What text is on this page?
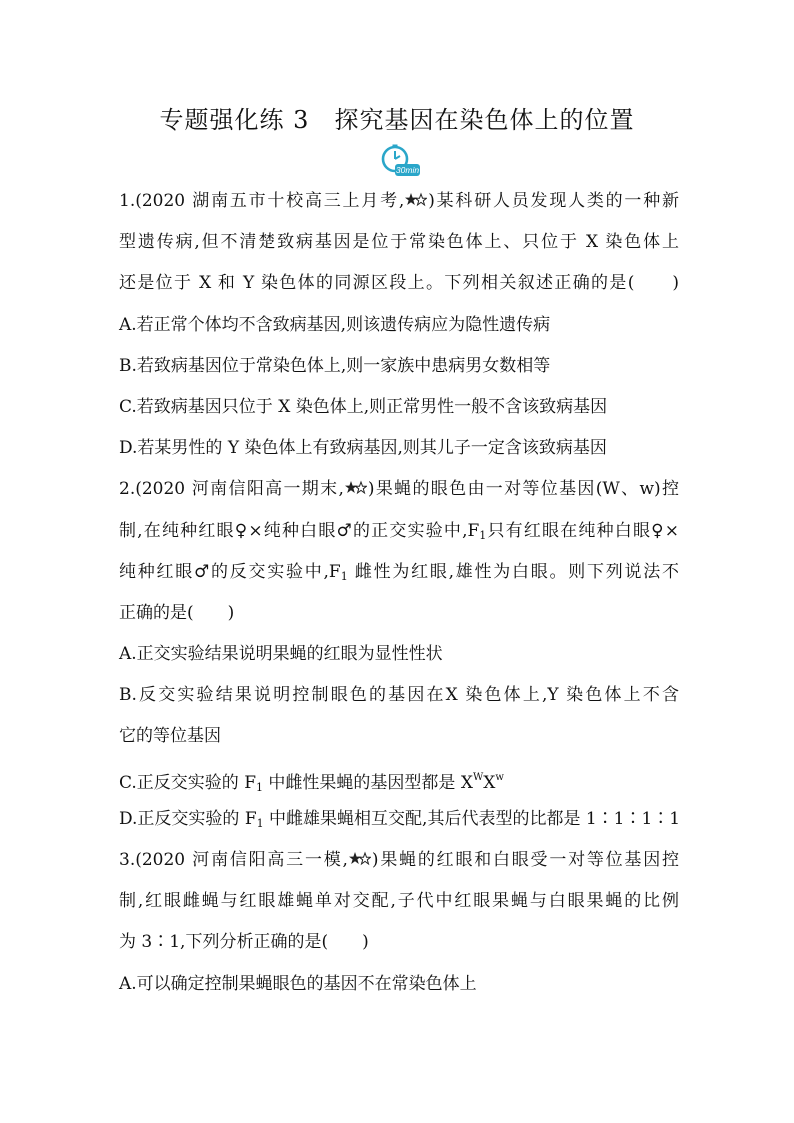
专题强化练 3　探究基因在染色体上的位置
30min
1.(2020 湖南五市十校高三上月考, )某科研人员发现人类的一种新
型遗传病,但不清楚致病基因是位于常染色体上、只位于 X 染色体上
还是位于 X 和 Y 染色体的同源区段上。下列相关叙述正确的是(　　)
A.若正常个体均不含致病基因,则该遗传病应为隐性遗传病
B.若致病基因位于常染色体上,则一家族中患病男女数相等
C.若致病基因只位于 X 染色体上,则正常男性一般不含该致病基因
D.若某男性的 Y 染色体上有致病基因,则其儿子一定含该致病基因
2.(2020 河南信阳高一期末, )果蝇的眼色由一对等位基因(W、w)控
制,在纯种红眼♀×纯种白眼♂的正交实验中$,F_1$只有红眼在纯种白眼♀×
纯种红眼♂的反交实验中$,F_1$ 雌性为红眼,雄性为白眼。则下列说法不
正确的是(　　)
A.正交实验结果说明果蝇的红眼为显性性状
B.反交实验结果说明控制眼色的基因在X 染色体上,Y 染色体上不含
它的等位基因
C.正反交实验的 $F_1$ 中雌性果蝇的基因型都是 $X^WX^w$
D.正反交实验的 $F_1$ 中雌雄果蝇相互交配,其后代表型的比都是 1∶1∶1∶1
3.(2020 河南信阳高三一模, )果蝇的红眼和白眼受一对等位基因控
制,红眼雌蝇与红眼雄蝇单对交配,子代中红眼果蝇与白眼果蝇的比例
为 3∶1,下列分析正确的是(　　)
A.可以确定控制果蝇眼色的基因不在常染色体上
